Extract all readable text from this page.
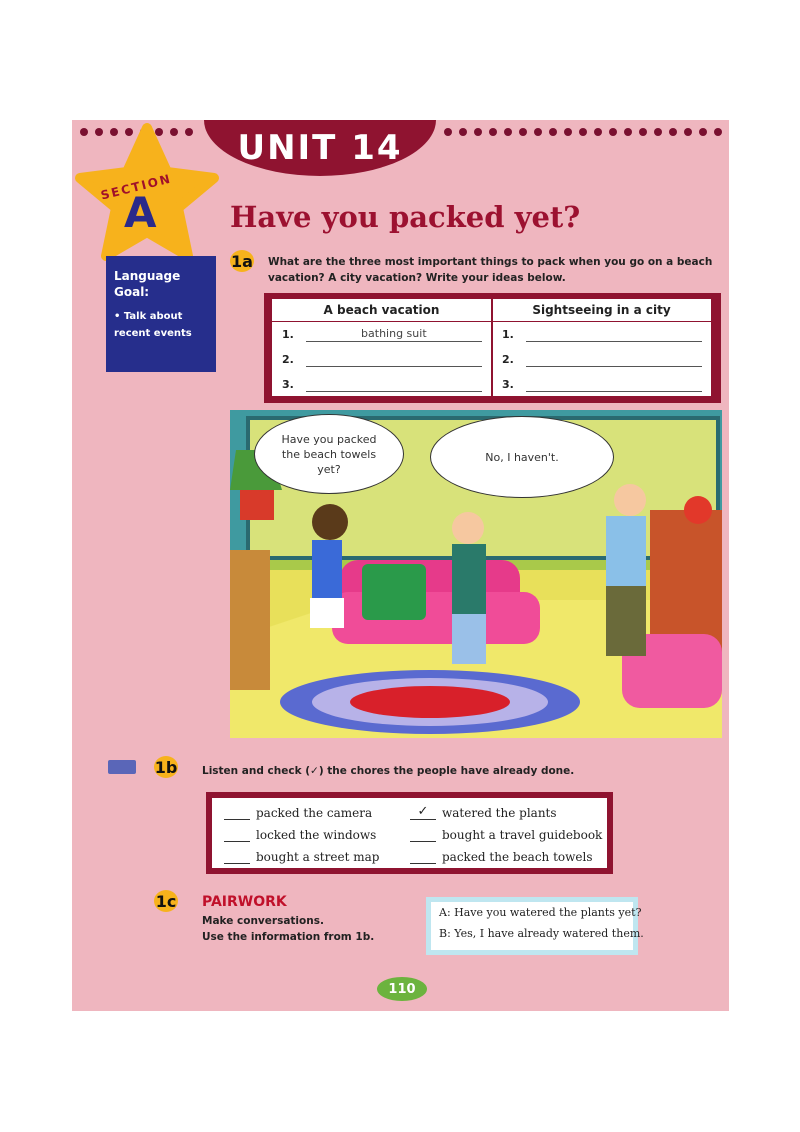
UNIT 14
SECTION
A
Language Goal:
• Talk about recent events
Have you packed yet?
1a What are the three most important things to pack when you go on a beach vacation? A city vacation? Write your ideas below.
A beach vacation
1.	bathing suit
2.
3.
Sightseeing in a city
1.
2.
3.
Have you packed the beach towels yet?
No, I haven't.
1b Listen and check (✓) the chores the people have already done.
packed the camera
locked the windows
bought a street map
✓	watered the plants
bought a travel guidebook
packed the beach towels
1c PAIRWORK
Make conversations.
Use the information from 1b.
A: Have you watered the plants yet?
B: Yes, I have already watered them.
110
